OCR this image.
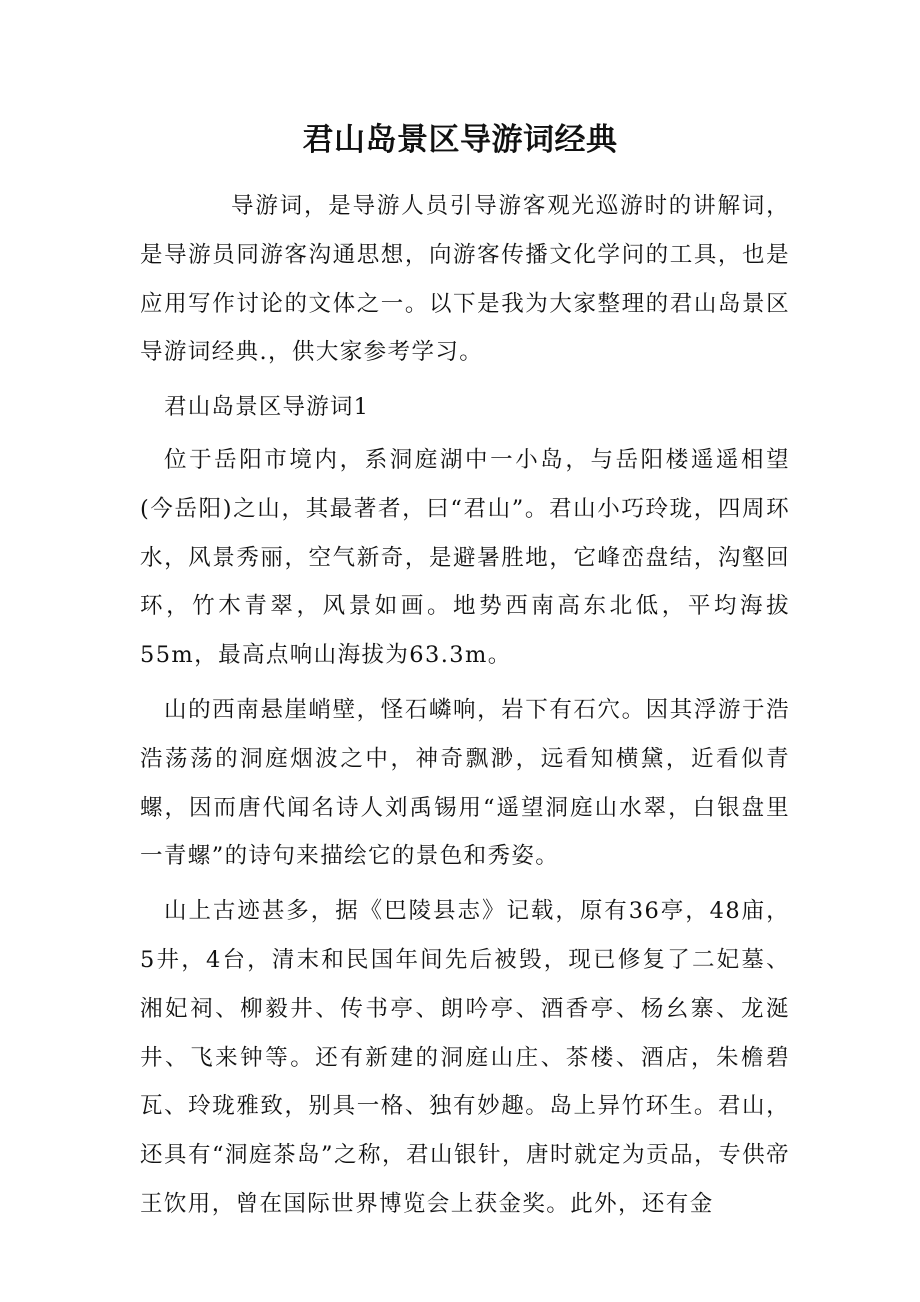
君山岛景区导游词经典

导游词，是导游人员引导游客观光巡游时的讲解词，是导游员同游客沟通思想，向游客传播文化学问的工具，也是应用写作讨论的文体之一。以下是我为大家整理的君山岛景区导游词经典.，供大家参考学习。

君山岛景区导游词1

位于岳阳市境内，系洞庭湖中一小岛，与岳阳楼遥遥相望(今岳阳)之山，其最著者，曰“君山”。君山小巧玲珑，四周环水，风景秀丽，空气新奇，是避暑胜地，它峰峦盘结，沟壑回环，竹木青翠，风景如画。地势西南高东北低，平均海拔55m，最高点响山海拔为63.3m。

山的西南悬崖峭壁，怪石嶙响，岩下有石穴。因其浮游于浩浩荡荡的洞庭烟波之中，神奇飘渺，远看知横黛，近看似青螺，因而唐代闻名诗人刘禹锡用“遥望洞庭山水翠，白银盘里一青螺”的诗句来描绘它的景色和秀姿。

山上古迹甚多，据《巴陵县志》记载，原有36亭，48庙，5井，4台，清末和民国年间先后被毁，现已修复了二妃墓、湘妃祠、柳毅井、传书亭、朗吟亭、酒香亭、杨幺寨、龙涎井、飞来钟等。还有新建的洞庭山庄、茶楼、酒店，朱檐碧瓦、玲珑雅致，别具一格、独有妙趣。岛上异竹环生。君山，还具有“洞庭茶岛”之称，君山银针，唐时就定为贡品，专供帝王饮用，曾在国际世界博览会上获金奖。此外，还有金
